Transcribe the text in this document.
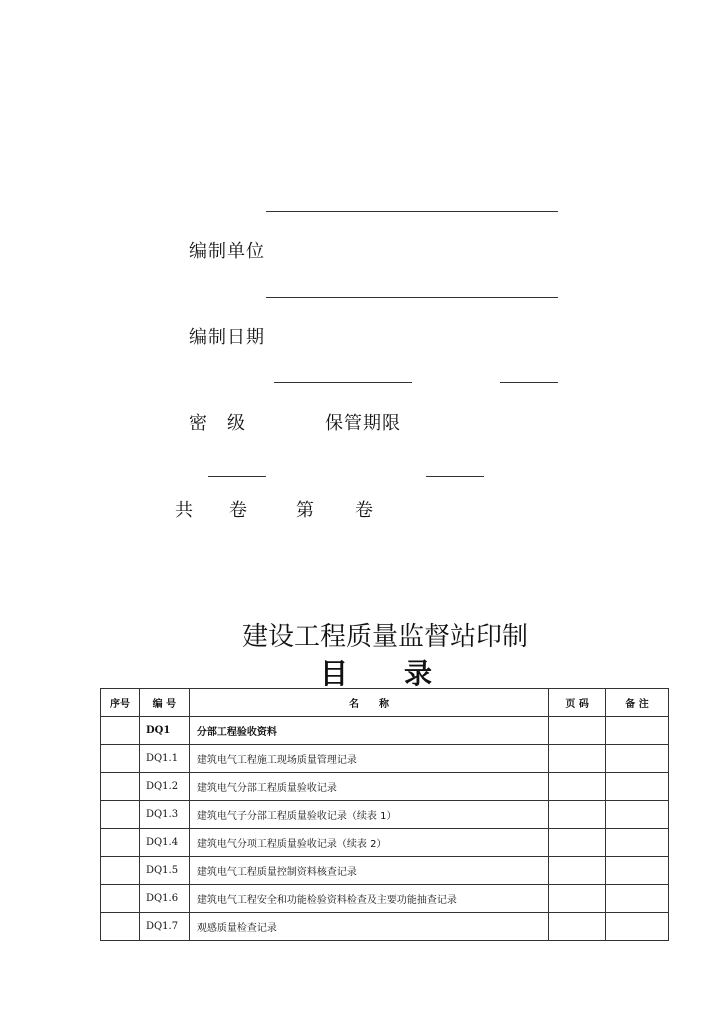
编制单位
编制日期
密　级	保管期限
共 卷	第 卷
建设工程质量监督站印制
目　　录
序号	编 号	名　　称	页 码	备 注
	DQ1	分部工程验收资料		
	DQ1.1	建筑电气工程施工现场质量管理记录		
	DQ1.2	建筑电气分部工程质量验收记录		
	DQ1.3	建筑电气子分部工程质量验收记录（续表 1）		
	DQ1.4	建筑电气分项工程质量验收记录（续表 2）		
	DQ1.5	建筑电气工程质量控制资料核查记录		
	DQ1.6	建筑电气工程安全和功能检验资料检查及主要功能抽查记录		
	DQ1.7	观感质量检查记录		
